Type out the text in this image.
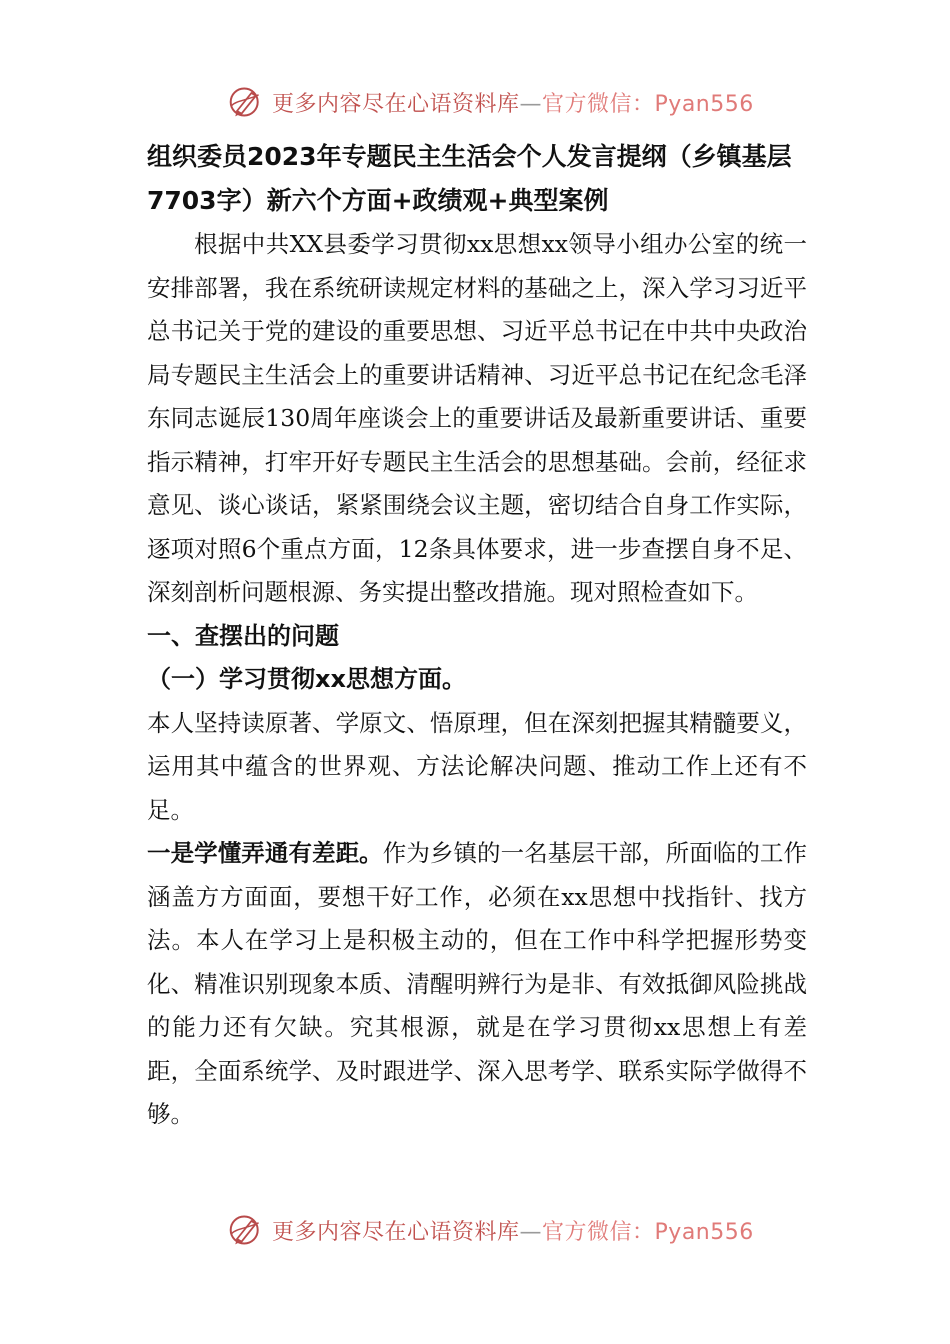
更多内容尽在心语资料库—官方微信：Pyan556

组织委员2023年专题民主生活会个人发言提纲（乡镇基层7703字）新六个方面+政绩观+典型案例

根据中共XX县委学习贯彻xx思想xx领导小组办公室的统一安排部署，我在系统研读规定材料的基础之上，深入学习习近平总书记关于党的建设的重要思想、习近平总书记在中共中央政治局专题民主生活会上的重要讲话精神、习近平总书记在纪念毛泽东同志诞辰130周年座谈会上的重要讲话及最新重要讲话、重要指示精神，打牢开好专题民主生活会的思想基础。会前，经征求意见、谈心谈话，紧紧围绕会议主题，密切结合自身工作实际，逐项对照6个重点方面，12条具体要求，进一步查摆自身不足、深刻剖析问题根源、务实提出整改措施。现对照检查如下。

一、查摆出的问题

（一）学习贯彻xx思想方面。

本人坚持读原著、学原文、悟原理，但在深刻把握其精髓要义，运用其中蕴含的世界观、方法论解决问题、推动工作上还有不足。

一是学懂弄通有差距。作为乡镇的一名基层干部，所面临的工作涵盖方方面面，要想干好工作，必须在xx思想中找指针、找方法。本人在学习上是积极主动的，但在工作中科学把握形势变化、精准识别现象本质、清醒明辨行为是非、有效抵御风险挑战的能力还有欠缺。究其根源，就是在学习贯彻xx思想上有差距，全面系统学、及时跟进学、深入思考学、联系实际学做得不够。

更多内容尽在心语资料库—官方微信：Pyan556
